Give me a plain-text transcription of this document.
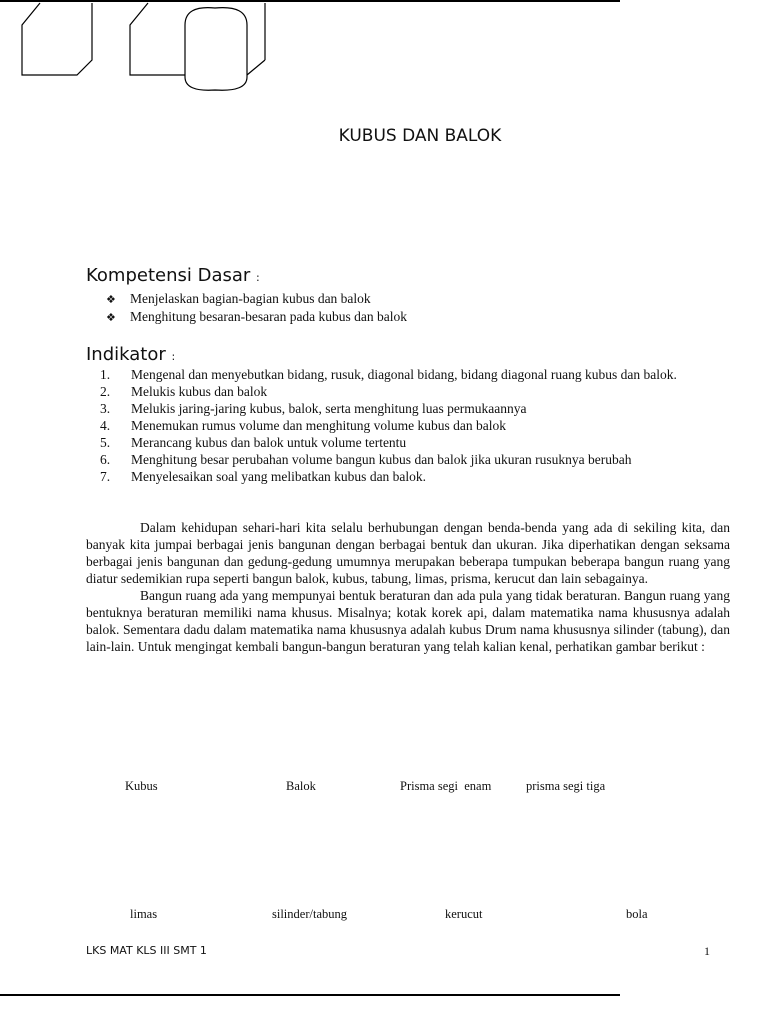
KUBUS DAN BALOK
Kompetensi Dasar :
❖ Menjelaskan bagian-bagian kubus dan balok
❖ Menghitung besaran-besaran pada kubus dan balok
Indikator :
1.	Mengenal dan menyebutkan bidang, rusuk, diagonal bidang, bidang diagonal ruang kubus dan balok.
2.	Melukis kubus dan balok
3.	Melukis jaring-jaring kubus, balok, serta menghitung luas permukaannya
4.	Menemukan rumus volume dan menghitung volume kubus dan balok
5.	Merancang kubus dan balok untuk volume tertentu
6.	Menghitung besar perubahan volume bangun kubus dan balok jika ukuran rusuknya berubah
7.	Menyelesaikan soal yang melibatkan kubus dan balok.

Dalam kehidupan sehari-hari kita selalu berhubungan dengan benda-benda yang ada di sekiling kita, dan banyak kita jumpai berbagai jenis bangunan dengan berbagai bentuk dan ukuran. Jika diperhatikan dengan seksama berbagai jenis bangunan dan gedung-gedung umumnya merupakan beberapa tumpukan beberapa bangun ruang yang diatur sedemikian rupa seperti bangun balok, kubus, tabung, limas, prisma, kerucut dan lain sebagainya.

Bangun ruang ada yang mempunyai bentuk beraturan dan ada pula yang tidak beraturan. Bangun ruang yang bentuknya beraturan memiliki nama khusus. Misalnya; kotak korek api, dalam matematika nama khususnya adalah balok. Sementara dadu dalam matematika nama khususnya adalah kubus Drum nama khususnya silinder (tabung), dan lain-lain. Untuk mengingat kembali bangun-bangun beraturan yang telah kalian kenal, perhatikan gambar berikut :

Kubus	Balok	Prisma segi  enam	prisma segi tiga
limas	silinder/tabung	kerucut	bola
LKS MAT KLS III SMT 1	1
